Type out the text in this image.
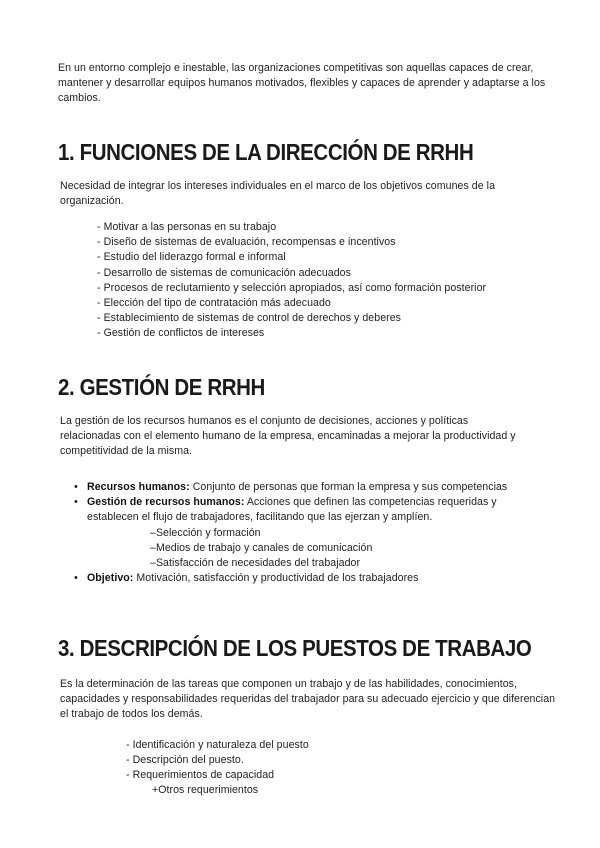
En un entorno complejo e inestable, las organizaciones competitivas son aquellas capaces de crear, mantener y desarrollar equipos humanos motivados, flexibles y capaces de aprender y adaptarse a los cambios.

1. FUNCIONES DE LA DIRECCIÓN DE RRHH

Necesidad de integrar los intereses individuales en el marco de los objetivos comunes de la organización.

- Motivar a las personas en su trabajo
- Diseño de sistemas de evaluación, recompensas e incentivos
- Estudio del liderazgo formal e informal
- Desarrollo de sistemas de comunicación adecuados
- Procesos de reclutamiento y selección apropiados, así como formación posterior
- Elección del tipo de contratación más adecuado
- Establecimiento de sistemas de control de derechos y deberes
- Gestión de conflictos de intereses
2. GESTIÓN DE RRHH

La gestión de los recursos humanos es el conjunto de decisiones, acciones y políticas relacionadas con el elemento humano de la empresa, encaminadas a mejorar la productividad y competitividad de la misma.

• Recursos humanos: Conjunto de personas que forman la empresa y sus competencias
• Gestión de recursos humanos: Acciones que definen las competencias requeridas y establecen el flujo de trabajadores, facilitando que las ejerzan y amplíen.
–Selección y formación
–Medios de trabajo y canales de comunicación
–Satisfacción de necesidades del trabajador
• Objetivo: Motivación, satisfacción y productividad de los trabajadores
3. DESCRIPCIÓN DE LOS PUESTOS DE TRABAJO

Es la determinación de las tareas que componen un trabajo y de las habilidades, conocimientos, capacidades y responsabilidades requeridas del trabajador para su adecuado ejercicio y que diferencian el trabajo de todos los demás.

- Identificación y naturaleza del puesto
- Descripción del puesto.
- Requerimientos de capacidad
+Otros requerimientos
